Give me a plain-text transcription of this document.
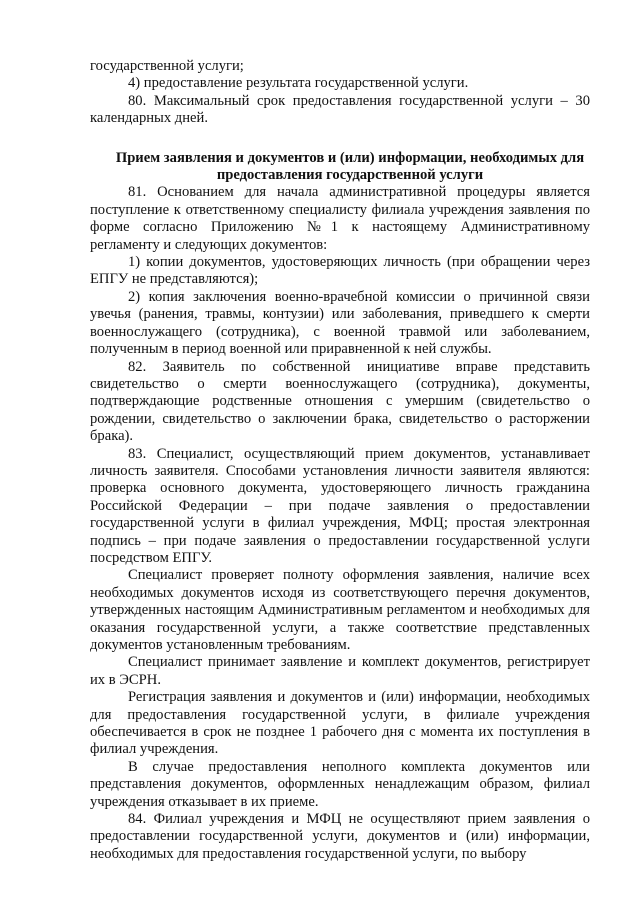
государственной услуги;

4) предоставление результата государственной услуги.

80. Максимальный срок предоставления государственной услуги – 30 календарных дней.

Прием заявления и документов и (или) информации, необходимых для предоставления государственной услуги

81. Основанием для начала административной процедуры является поступление к ответственному специалисту филиала учреждения заявления по форме согласно Приложению №1 к настоящему Административному регламенту и следующих документов:

1) копии документов, удостоверяющих личность (при обращении через ЕПГУ не представляются);

2) копия заключения военно-врачебной комиссии о причинной связи увечья (ранения, травмы, контузии) или заболевания, приведшего к смерти военнослужащего (сотрудника), с военной травмой или заболеванием, полученным в период военной или приравненной к ней службы.

82. Заявитель по собственной инициативе вправе представить свидетельство о смерти военнослужащего (сотрудника), документы, подтверждающие родственные отношения с умершим (свидетельство о рождении, свидетельство о заключении брака, свидетельство о расторжении брака).

83. Специалист, осуществляющий прием документов, устанавливает личность заявителя. Способами установления личности заявителя являются: проверка основного документа, удостоверяющего личность гражданина Российской Федерации – при подаче заявления о предоставлении государственной услуги в филиал учреждения, МФЦ; простая электронная подпись – при подаче заявления о предоставлении государственной услуги посредством ЕПГУ.

Специалист проверяет полноту оформления заявления, наличие всех необходимых документов исходя из соответствующего перечня документов, утвержденных настоящим Административным регламентом и необходимых для оказания государственной услуги, а также соответствие представленных документов установленным требованиям.

Специалист принимает заявление и комплект документов, регистрирует их в ЭСРН.

Регистрация заявления и документов и (или) информации, необходимых для предоставления государственной услуги, в филиале учреждения обеспечивается в срок не позднее 1 рабочего дня с момента их поступления в филиал учреждения.

В случае предоставления неполного комплекта документов или представления документов, оформленных ненадлежащим образом, филиал учреждения отказывает в их приеме.

84. Филиал учреждения и МФЦ не осуществляют прием заявления о предоставлении государственной услуги, документов и (или) информации, необходимых для предоставления государственной услуги, по выбору
